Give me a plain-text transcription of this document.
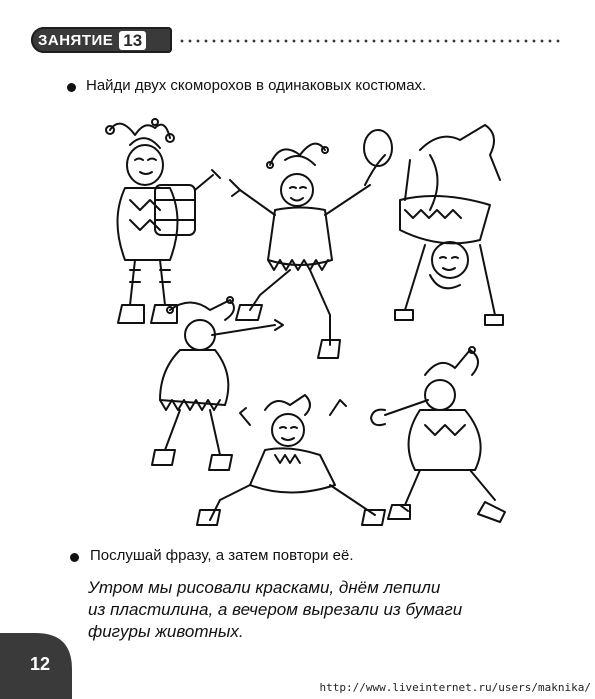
ЗАНЯТИЕ 13
Найди двух скоморохов в одинаковых костюмах.
Послушай фразу, а затем повтори её.
Утром мы рисовали красками, днём лепили
из пластилина, а вечером вырезали из бумаги
фигуры животных.
12
http://www.liveinternet.ru/users/maknika/
